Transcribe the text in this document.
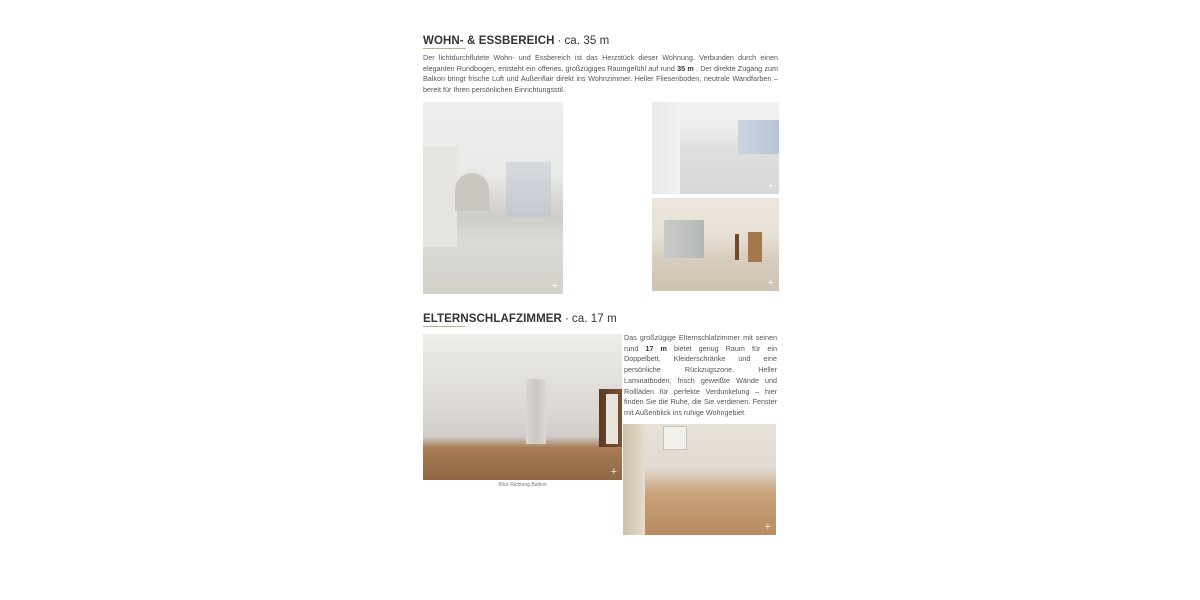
WOHN- & ESSBEREICH · ca. 35 m

Der lichtdurchflutete Wohn- und Essbereich ist das Herzstück dieser Wohnung. Verbunden durch einen eleganten Rundbogen, entsteht ein offenes, großzügiges Raumgefühl auf rund 35 m . Der direkte Zugang zum Balkon bringt frische Luft und Außenflair direkt ins Wohnzimmer. Heller Fliesenboden, neutrale Wandfarben – bereit für Ihren persönlichen Einrichtungsstil.

+
+
+
ELTERNSCHLAFZIMMER · ca. 17 m
+
Blick Richtung Balkon

Das großzügige Elternschlafzimmer mit seinen rund 17 m bietet genug Raum für ein Doppelbett, Kleiderschränke und eine persönliche Rückzugszone. Heller Laminatboden, frisch geweißte Wände und Rollläden für perfekte Verdunkelung – hier finden Sie die Ruhe, die Sie verdienen. Fenster mit Außenblick ins ruhige Wohngebiet.

+
